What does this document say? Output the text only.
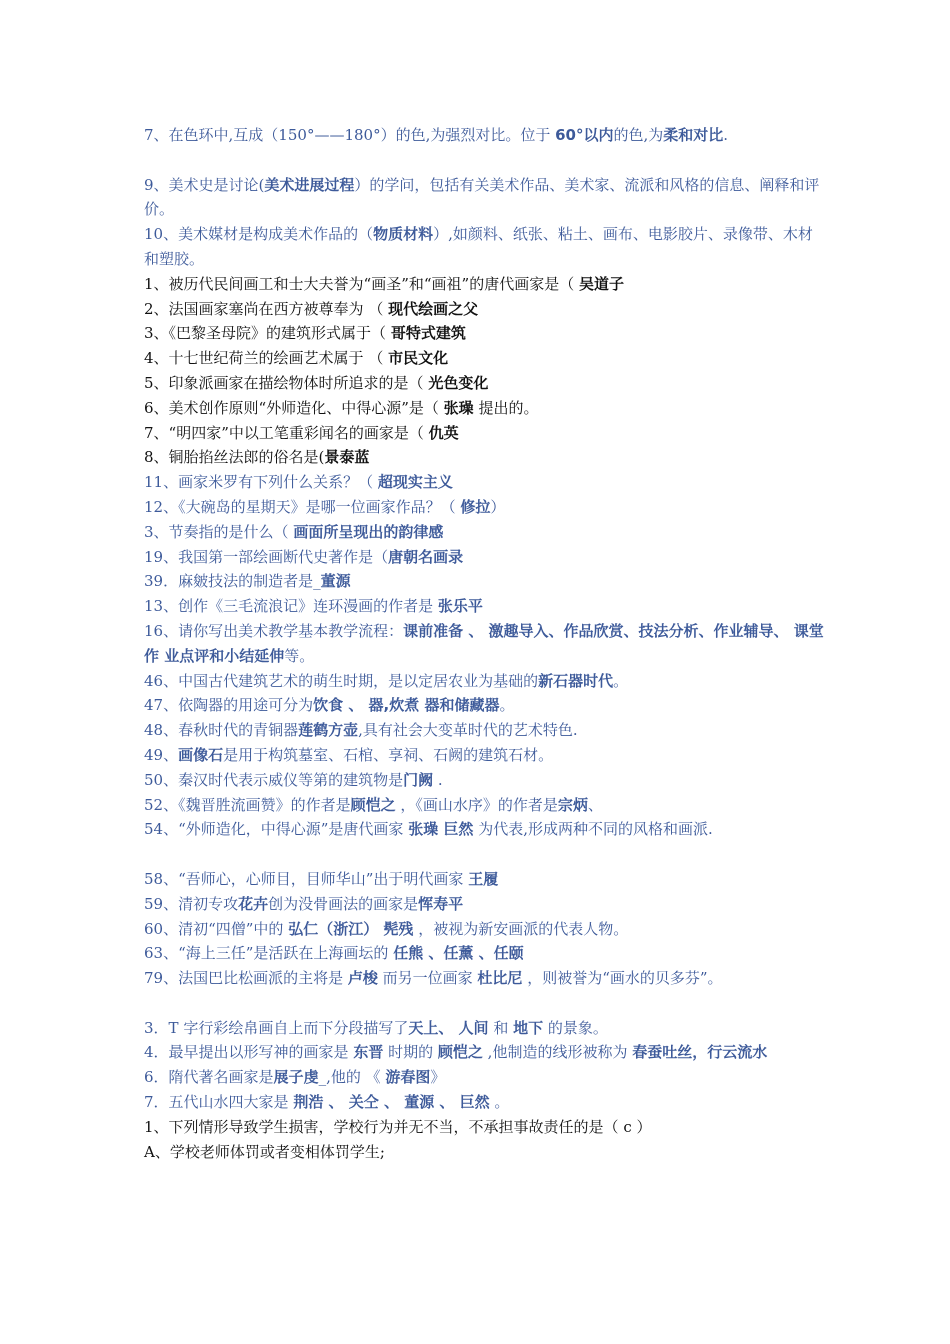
7、在色环中,互成（150°——180°）的色,为强烈对比。位于 60°以内的色,为柔和对比.
9、美术史是讨论(美术进展过程）的学问，包括有关美术作品、美术家、流派和风格的信息、阐释和评价。
10、美术媒材是构成美术作品的（物质材料）,如颜料、纸张、粘土、画布、电影胶片、录像带、木材和塑胶。
1、被历代民间画工和士大夫誉为“画圣”和“画祖”的唐代画家是（ 吴道子
2、法国画家塞尚在西方被尊奉为 （ 现代绘画之父
3、《巴黎圣母院》的建筑形式属于（ 哥特式建筑
4、十七世纪荷兰的绘画艺术属于 （ 市民文化
5、印象派画家在描绘物体时所追求的是（ 光色变化
6、美术创作原则“外师造化、中得心源”是（ 张璪 提出的。
7、“明四家”中以工笔重彩闻名的画家是（ 仇英
8、铜胎掐丝法郎的俗名是(景泰蓝
11、画家米罗有下列什么关系？（ 超现实主义
12、《大碗岛的星期天》是哪一位画家作品？（ 修拉）
3、节奏指的是什么（ 画面所呈现出的韵律感
19、我国第一部绘画断代史著作是（唐朝名画录
39．麻皴技法的制造者是_董源
13、创作《三毛流浪记》连环漫画的作者是 张乐平
16、请你写出美术教学基本教学流程：课前准备 、 激趣导入、作品欣赏、技法分析、作业辅导、 课堂作 业点评和小结延伸等。
46、中国古代建筑艺术的萌生时期，是以定居农业为基础的新石器时代。
47、依陶器的用途可分为饮食 、 器,炊煮 器和储藏器。
48、春秋时代的青铜器莲鹤方壶,具有社会大变革时代的艺术特色.
49、画像石是用于构筑墓室、石棺、享祠、石阙的建筑石材。
50、秦汉时代表示威仪等第的建筑物是门阙 .
52、《魏晋胜流画赞》的作者是顾恺之 ，《画山水序》的作者是宗炳、
54、“外师造化，中得心源”是唐代画家 张璪 巨然 为代表,形成两种不同的风格和画派.
58、“吾师心，心师目，目师华山”出于明代画家 王履
59、清初专攻花卉创为没骨画法的画家是恽寿平
60、清初“四僧”中的 弘仁（浙江） 髡残 ，被视为新安画派的代表人物。
63、“海上三任”是活跃在上海画坛的 任熊 、任薰 、任颐
79、法国巴比松画派的主将是 卢梭 而另一位画家 杜比尼 ，则被誉为“画水的贝多芬”。
3．T 字行彩绘帛画自上而下分段描写了天上、 人间 和 地下 的景象。
4．最早提出以形写神的画家是 东晋 时期的 顾恺之 ,他制造的线形被称为 春蚕吐丝，行云流水
6．隋代著名画家是展子虔_,他的 《 游春图》
7．五代山水四大家是 荆浩 、 关仝 、 董源 、 巨然 。
1、下列情形导致学生损害，学校行为并无不当，不承担事故责任的是（ c ）
A、学校老师体罚或者变相体罚学生;
